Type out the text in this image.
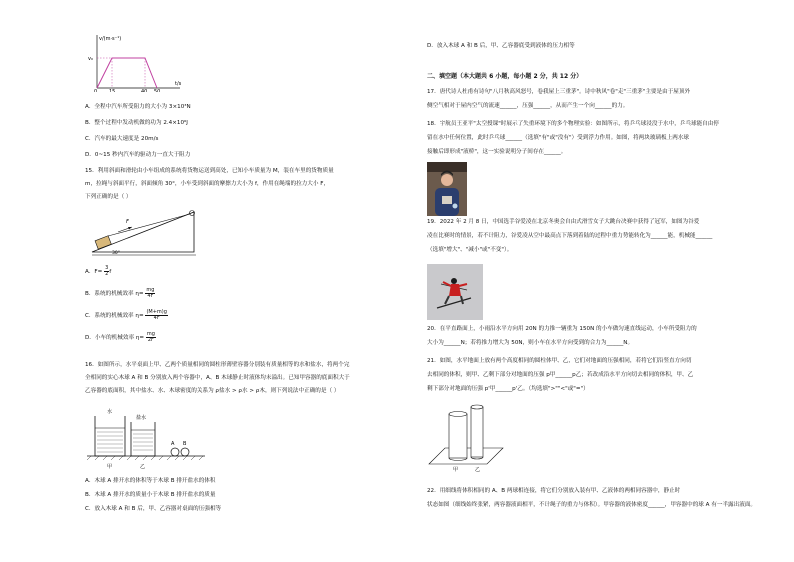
v/(m·s⁻¹)
v₀
t/s
0 15	40 50
A．全程中汽车所受阻力的大小为 3×10³N
B．整个过程中发动机做的功为 2.4×10⁶J
C．汽车的最大速度是 20m/s
D．0~15 秒内汽车的驱动力一直大于阻力
15．利用斜面和滑轮由小车组成的系统将货物运送到高处，已知小车质量为 M，装在车里的货物质量
m，拉绳与斜面平行，斜面倾角 30°，小车受到斜面的摩擦力大小为 f，作用在绳端的拉力大小 F，
下列正确的是（ ）
F
30°
A．$F= \frac{3}{2}$ f
B．系统的机械效率 $\eta= \frac{mg}{4F}$
C．系统的机械效率 $\eta= \frac{(M+m)g}{4F}$
D．小车的机械效率 $\eta= \frac{mg}{2F}$
16．如图所示，水平桌面上甲、乙两个质量相同的圆柱形薄壁容器分别装有质量相等的水和盐水，将两个完
全相同的实心木球 A 和 B 分别放入两个容器中，A、B 木球静止时液体均未溢出。已知甲容器的底面积大于
乙容器的底面积，其中盐水、水、木球密度的关系为 ρ盐水 > ρ水 > ρ木，则下列说法中正确的是（ ）
水
盐水
A B
甲	乙
A．木球 A 排开水的体积等于木球 B 排开盐水的体积
B．木球 A 排开水的质量小于木球 B 排开盐水的质量
C．放入木球 A 和 B 后，甲、乙容器对桌面的压强相等
D．放入木球 A 和 B 后，甲、乙容器底受到液体的压力相等
二、填空题（本大题共 6 小题，每小题 2 分，共 12 分）
17．唐代诗人杜甫有诗句"八月秋高风怒号，卷我屋上三重茅"。诗中秋风"卷"走"三重茅"主要是由于屋顶外
侧空气相对于屋内空气的流速______，压强______，从而产生一个向______的力。
18．宇航员王亚平"太空授课"时展示了失重环境下的多个物理实验：如图所示，将乒乓球浸没于水中，乒乓球能自由停
留在水中任何位置，此时乒乓球______（选填"有"或"没有"）受到浮力作用。如图，将两块玻璃板上两水球
接触后即形成"液桥"，这一实验说明分子间存在______。
19．2022 年 2 月 8 日，中国选手谷爱凌在北京冬奥会自由式滑雪女子大跳台决赛中获得了冠军，如图为谷爱
凌在比赛时的情景，若不计阻力，谷爱凌从空中最高点下落到着陆的过程中重力势能转化为______能，机械能______
（选填"增大"、"减小"或"不变"）。
20．在平直路面上，小雨沿水平方向用 20N 的力推一辆重为 150N 的小车做匀速直线运动，小车所受阻力的
大小为______N；若将推力增大为 50N，则小车在水平方向受到的合力为______N。
21．如图，水平地面上放有两个高度相同的圆柱体甲、乙，它们对地面的压强相同，若将它们沿竖直方向切
去相同的体积，则甲、乙剩下部分对地面的压强 p甲______p乙；若改成沿水平方向切去相同的体积，甲、乙
剩下部分对地面的压强 p'甲______p'乙。（均选填">""<"或"="）
甲	乙
22．用细线将体积相同的 A、B 两球相连接，将它们分别放入装有甲、乙液体的两相同容器中，静止时
状态如图（细线始终张紧，两容器液面相平，不计绳子的重力与体积）。甲容器的液体密度______，甲容器中的球 A 有一半露出液面。
